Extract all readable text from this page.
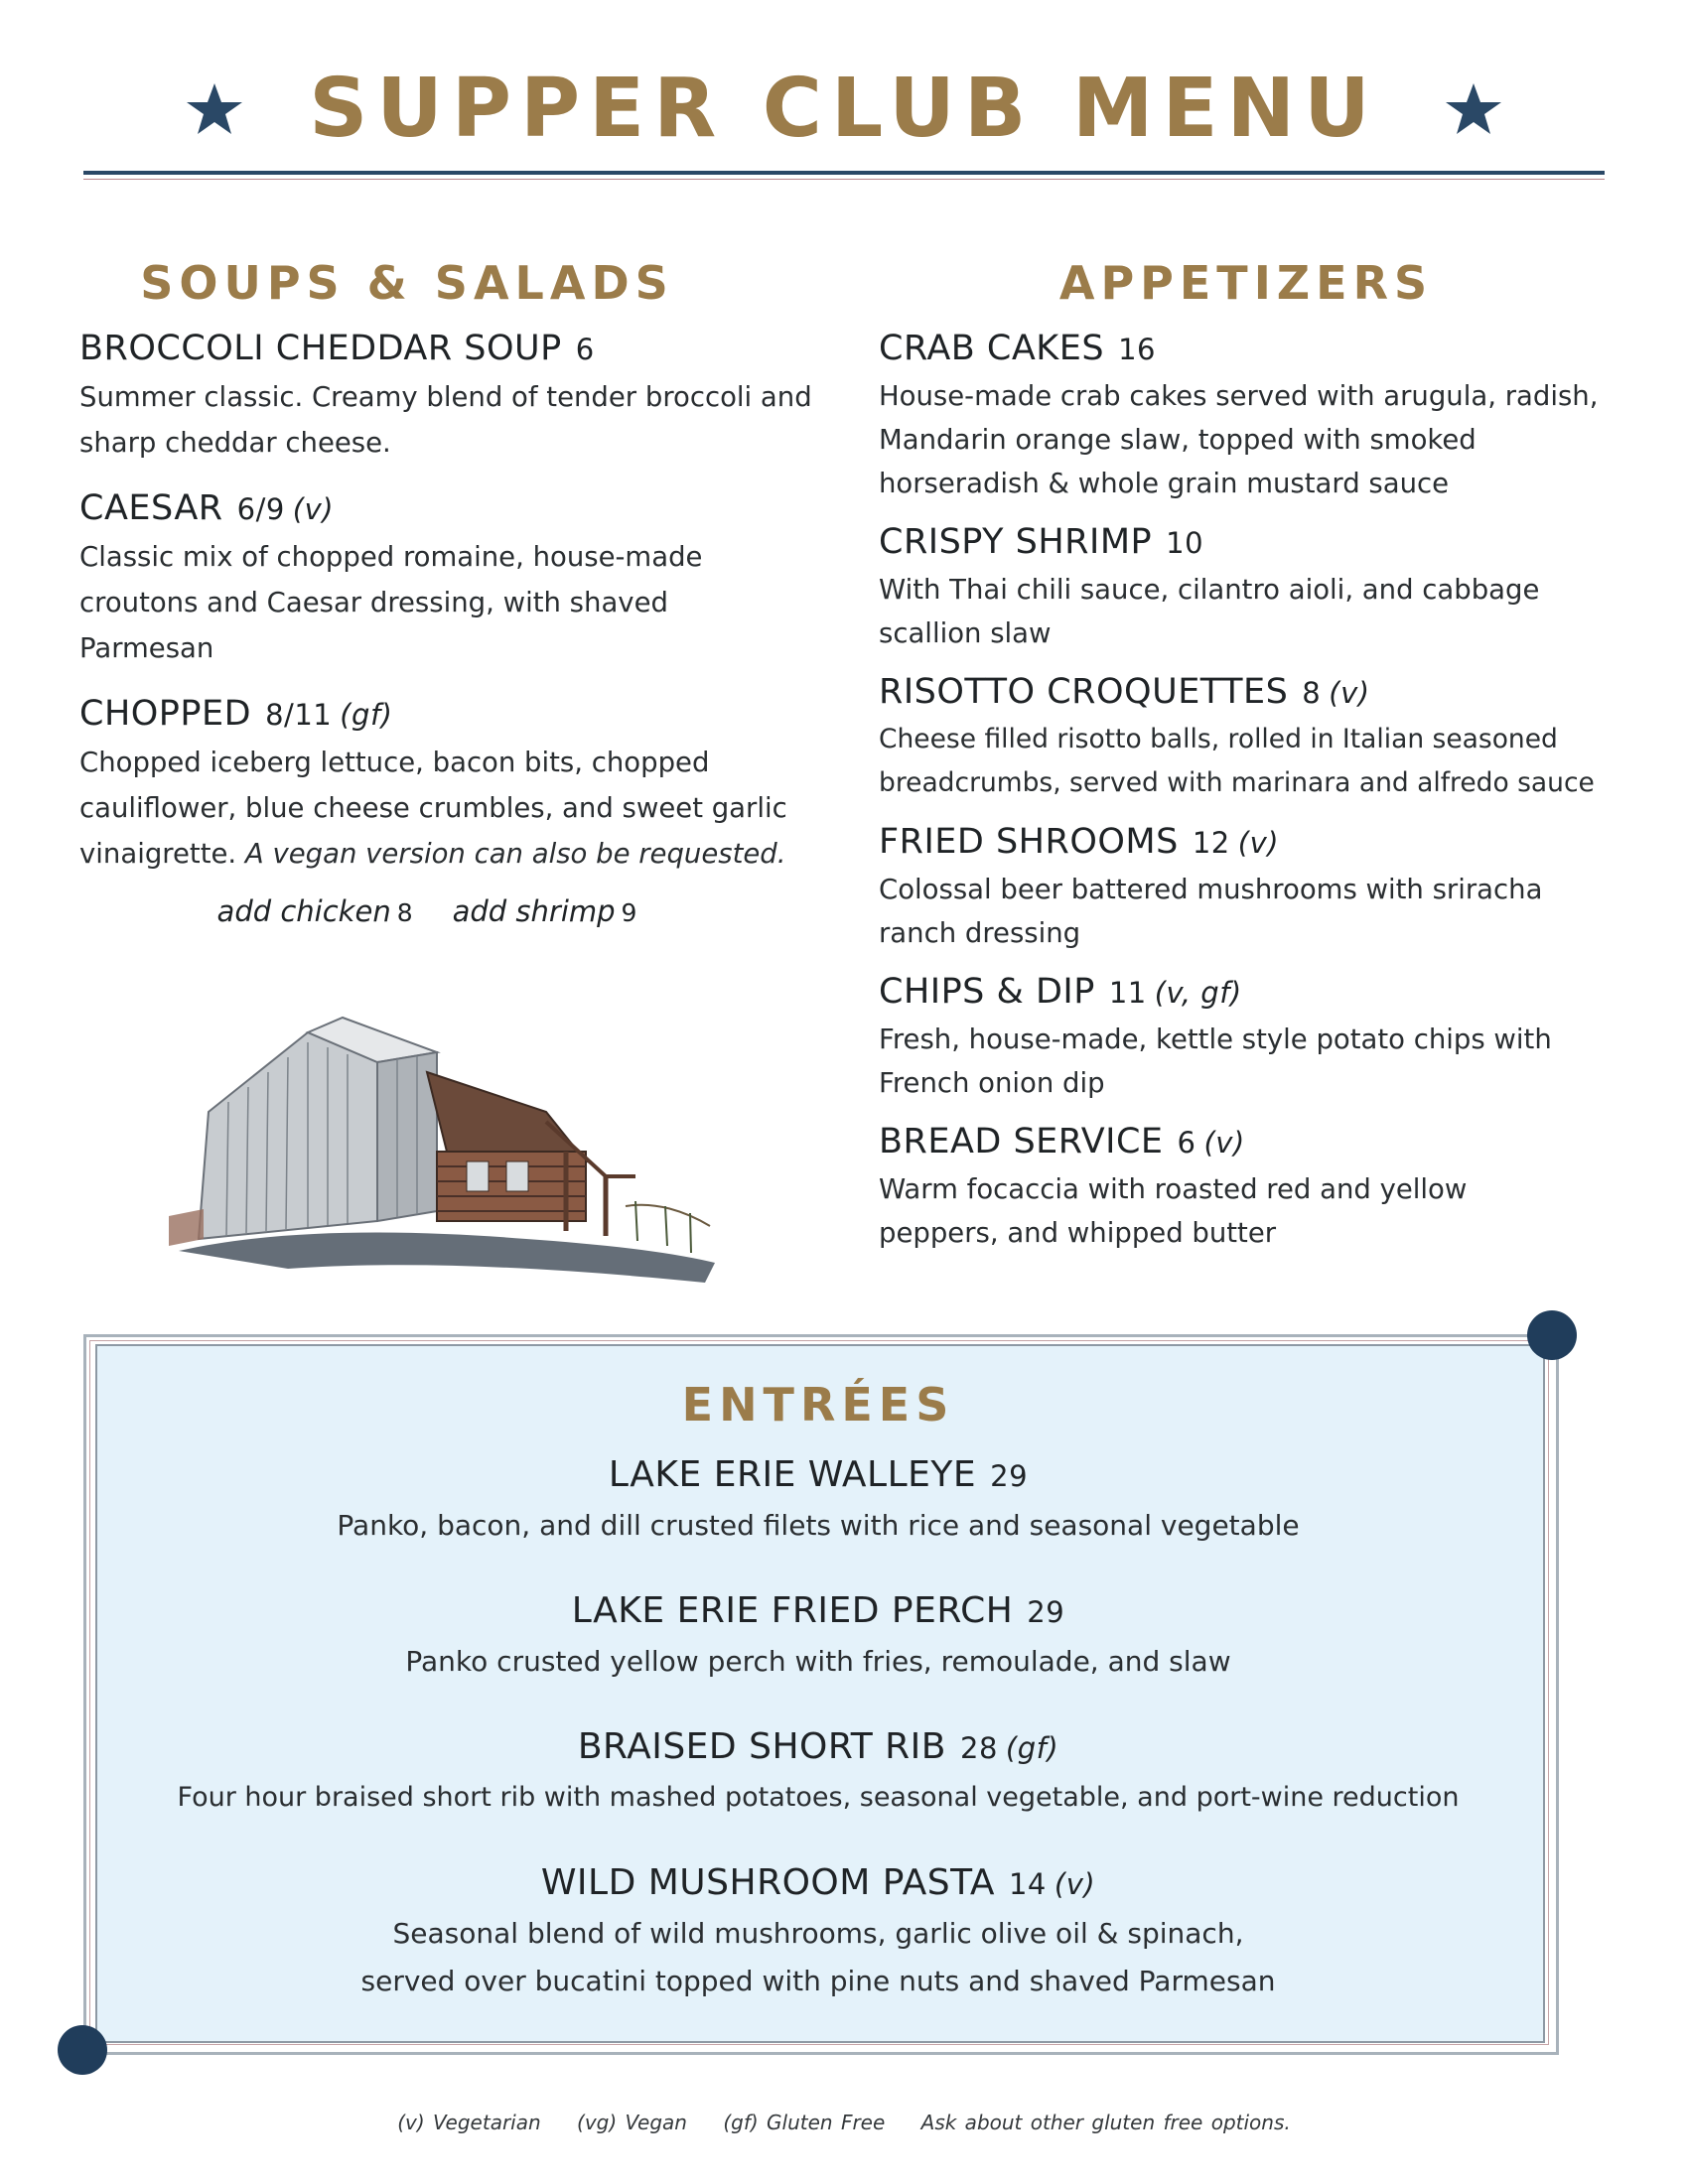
SUPPER CLUB MENU
SOUPS & SALADS
BROCCOLI CHEDDAR SOUP 6
Summer classic. Creamy blend of tender broccoli and sharp cheddar cheese.
CAESAR 6/9 (v)
Classic mix of chopped romaine, house-made croutons and Caesar dressing, with shaved Parmesan
CHOPPED 8/11 (gf)
Chopped iceberg lettuce, bacon bits, chopped cauliflower, blue cheese crumbles, and sweet garlic vinaigrette. A vegan version can also be requested.
add chicken 8 add shrimp 9
APPETIZERS
CRAB CAKES 16
House-made crab cakes served with arugula, radish, Mandarin orange slaw, topped with smoked horseradish & whole grain mustard sauce
CRISPY SHRIMP 10
With Thai chili sauce, cilantro aioli, and cabbage scallion slaw
RISOTTO CROQUETTES 8 (v)
Cheese filled risotto balls, rolled in Italian seasoned breadcrumbs, served with marinara and alfredo sauce
FRIED SHROOMS 12 (v)
Colossal beer battered mushrooms with sriracha ranch dressing
CHIPS & DIP 11 (v, gf)
Fresh, house-made, kettle style potato chips with French onion dip
BREAD SERVICE 6 (v)
Warm focaccia with roasted red and yellow peppers, and whipped butter
ENTRÉES
LAKE ERIE WALLEYE 29
Panko, bacon, and dill crusted filets with rice and seasonal vegetable
LAKE ERIE FRIED PERCH 29
Panko crusted yellow perch with fries, remoulade, and slaw
BRAISED SHORT RIB 28 (gf)
Four hour braised short rib with mashed potatoes, seasonal vegetable, and port-wine reduction
WILD MUSHROOM PASTA 14 (v)
Seasonal blend of wild mushrooms, garlic olive oil & spinach,
served over bucatini topped with pine nuts and shaved Parmesan
(v) Vegetarian (vg) Vegan (gf) Gluten Free Ask about other gluten free options.
